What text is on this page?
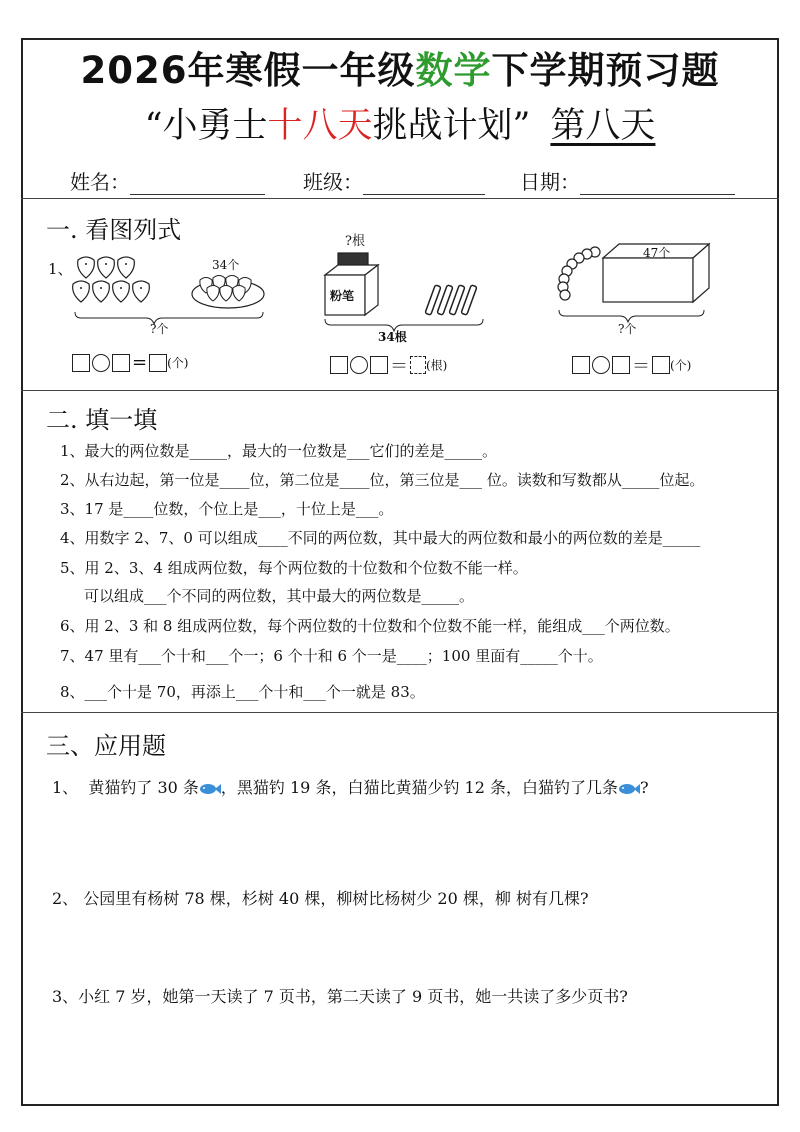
2026年寒假一年级数学下学期预习题
“小勇士十八天挑战计划” 第八天
姓名：	班级：	日期：
一. 看图列式
1、	34个
?个
= (个)
?根
粉笔
34根
＝ (根)
47个
?个
＝ (个)
二. 填一填
1、最大的两位数是_____，最大的一位数是___它们的差是_____。
2、从右边起，第一位是____位，第二位是____位，第三位是___ 位。读数和写数都从_____位起。
3、17 是____位数，个位上是___，十位上是___。
4、用数字 2、7、0 可以组成____不同的两位数，其中最大的两位数和最小的两位数的差是_____
5、用 2、3、4 组成两位数，每个两位数的十位数和个位数不能一样。
可以组成___个不同的两位数，其中最大的两位数是_____。
6、用 2、3 和 8 组成两位数，每个两位数的十位数和个位数不能一样，能组成___个两位数。
7、47 里有___个十和___个一；6 个十和 6 个一是____；100 里面有_____个十。
8、___个十是 70，再添上___个十和___个一就是 83。
三、应用题
1、 黄猫钓了 30 条 ，黑猫钓 19 条，白猫比黄猫少钓 12 条，白猫钓了几条 ?
2、 公园里有杨树 78 棵，杉树 40 棵，柳树比杨树少 20 棵，柳 树有几棵?
3、小红 7 岁，她第一天读了 7 页书，第二天读了 9 页书，她一共读了多少页书?
